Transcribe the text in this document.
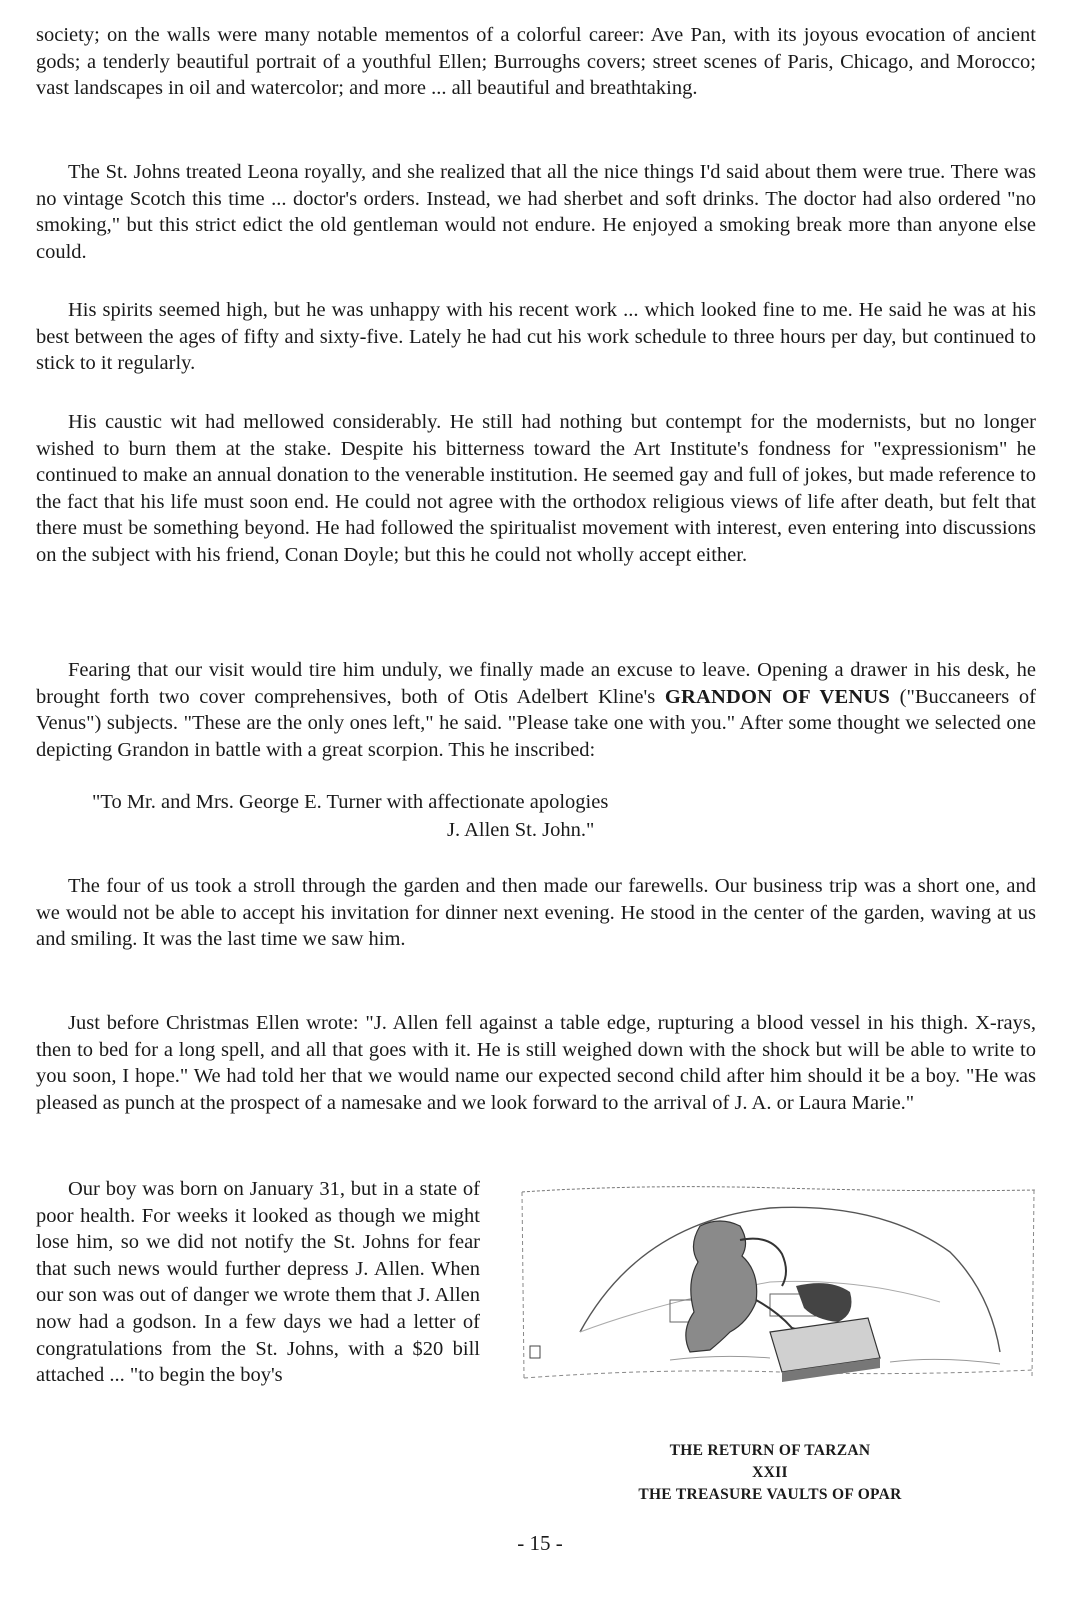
society; on the walls were many notable mementos of a colorful career: Ave Pan, with its joyous evocation of ancient gods; a tenderly beautiful portrait of a youthful Ellen; Burroughs covers; street scenes of Paris, Chicago, and Morocco; vast landscapes in oil and watercolor; and more ... all beautiful and breathtaking.

The St. Johns treated Leona royally, and she realized that all the nice things I'd said about them were true. There was no vintage Scotch this time ... doctor's orders. Instead, we had sherbet and soft drinks. The doctor had also ordered "no smoking," but this strict edict the old gentleman would not endure. He enjoyed a smoking break more than anyone else could.

His spirits seemed high, but he was unhappy with his recent work ... which looked fine to me. He said he was at his best between the ages of fifty and sixty-five. Lately he had cut his work schedule to three hours per day, but continued to stick to it regularly.

His caustic wit had mellowed considerably. He still had nothing but contempt for the modernists, but no longer wished to burn them at the stake. Despite his bitterness toward the Art Institute's fondness for "expressionism" he continued to make an annual donation to the venerable institution. He seemed gay and full of jokes, but made reference to the fact that his life must soon end. He could not agree with the orthodox religious views of life after death, but felt that there must be something beyond. He had followed the spiritualist movement with interest, even entering into discussions on the subject with his friend, Conan Doyle; but this he could not wholly accept either.

Fearing that our visit would tire him unduly, we finally made an excuse to leave. Opening a drawer in his desk, he brought forth two cover comprehensives, both of Otis Adelbert Kline's GRANDON OF VENUS ("Buccaneers of Venus") subjects. "These are the only ones left," he said. "Please take one with you." After some thought we selected one depicting Grandon in battle with a great scorpion. This he inscribed:

"To Mr. and Mrs. George E. Turner with affectionate apologies

J. Allen St. John."

The four of us took a stroll through the garden and then made our farewells. Our business trip was a short one, and we would not be able to accept his invitation for dinner next evening. He stood in the center of the garden, waving at us and smiling. It was the last time we saw him.

Just before Christmas Ellen wrote: "J. Allen fell against a table edge, rupturing a blood vessel in his thigh. X-rays, then to bed for a long spell, and all that goes with it. He is still weighed down with the shock but will be able to write to you soon, I hope." We had told her that we would name our expected second child after him should it be a boy. "He was pleased as punch at the prospect of a namesake and we look forward to the arrival of J. A. or Laura Marie."

Our boy was born on January 31, but in a state of poor health. For weeks it looked as though we might lose him, so we did not notify the St. Johns for fear that such news would further depress J. Allen. When our son was out of danger we wrote them that J. Allen now had a godson. In a few days we had a letter of congratulations from the St. Johns, with a $20 bill attached ... "to begin the boy's

THE RETURN OF TARZAN

XXII

THE TREASURE VAULTS OF OPAR

- 15 -
